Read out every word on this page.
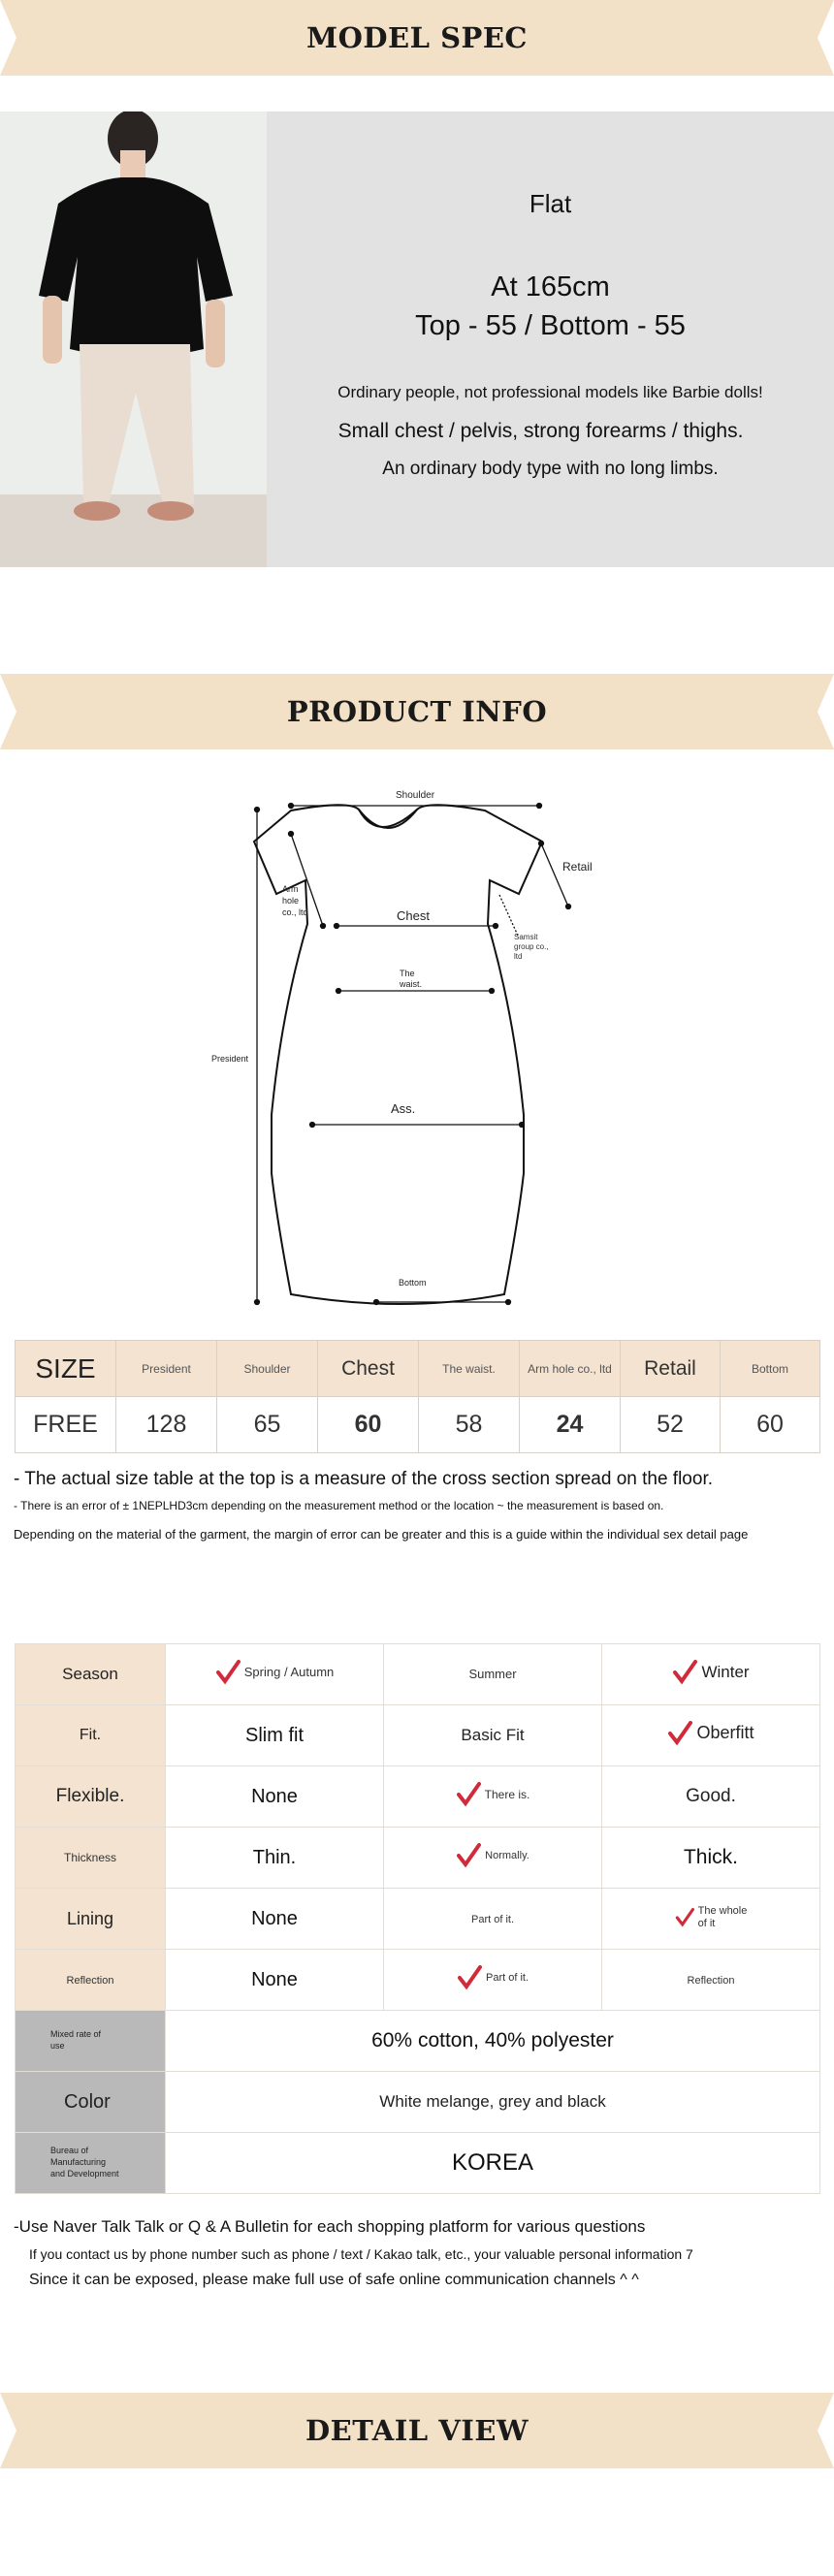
MODEL SPEC
Flat
At 165cm
Top - 55 / Bottom - 55
Ordinary people, not professional models like Barbie dolls!
Small chest / pelvis, strong forearms / thighs.
An ordinary body type with no long limbs.
PRODUCT INFO
Shoulder
Retail
Arm
hole
co., ltd	Chest
Samsit
group co.,
ltd
The
waist.
President
Ass.
Bottom
SIZE	President	Shoulder	Chest	The waist.	Arm hole co., ltd	Retail	Bottom
FREE	128	65	60	58	24	52	60
- The actual size table at the top is a measure of the cross section spread on the floor.
- There is an error of ± 1NEPLHD3cm depending on the measurement method or the location ~ the measurement is based on.
Depending on the material of the garment, the margin of error can be greater and this is a guide within the individual sex detail page
Season	Spring / Autumn	Summer	Winter

Fit.	Slim fit	Basic Fit	Oberfitt

Flexible.	None	There is.	Good.
Thickness	Thin.	Normally.	Thick.
Lining	None	Part of it.	The whole
of it

Reflection	None	Part of it.	Reflection
Mixed rate of
use	60% cotton, 40% polyester		
Color	White melange, grey and black		
Bureau of
Manufacturing
and Development	KOREA		
-Use Naver Talk Talk or Q & A Bulletin for each shopping platform for various questions
If you contact us by phone number such as phone / text / Kakao talk, etc., your valuable personal information 7
Since it can be exposed, please make full use of safe online communication channels ^ ^
DETAIL VIEW
